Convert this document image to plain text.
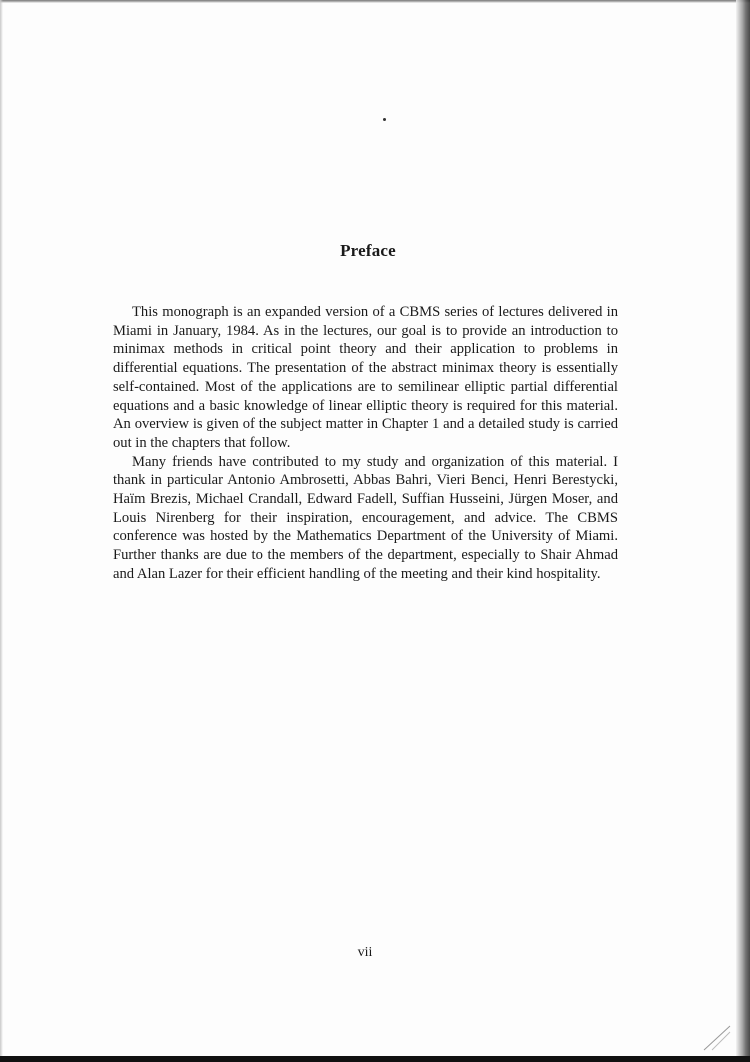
Preface

This monograph is an expanded version of a CBMS series of lectures delivered in Miami in January, 1984. As in the lectures, our goal is to provide an introduction to minimax methods in critical point theory and their application to problems in differential equations. The presentation of the abstract minimax theory is essentially self-contained. Most of the applications are to semilinear elliptic partial differential equations and a basic knowledge of linear elliptic theory is required for this material. An overview is given of the subject matter in Chapter 1 and a detailed study is carried out in the chapters that follow.

Many friends have contributed to my study and organization of this material. I thank in particular Antonio Ambrosetti, Abbas Bahri, Vieri Benci, Henri Berestycki, Haïm Brezis, Michael Crandall, Edward Fadell, Suffian Husseini, Jürgen Moser, and Louis Nirenberg for their inspiration, encouragement, and advice. The CBMS conference was hosted by the Mathematics Department of the University of Miami. Further thanks are due to the members of the department, especially to Shair Ahmad and Alan Lazer for their efficient handling of the meeting and their kind hospitality.

vii
